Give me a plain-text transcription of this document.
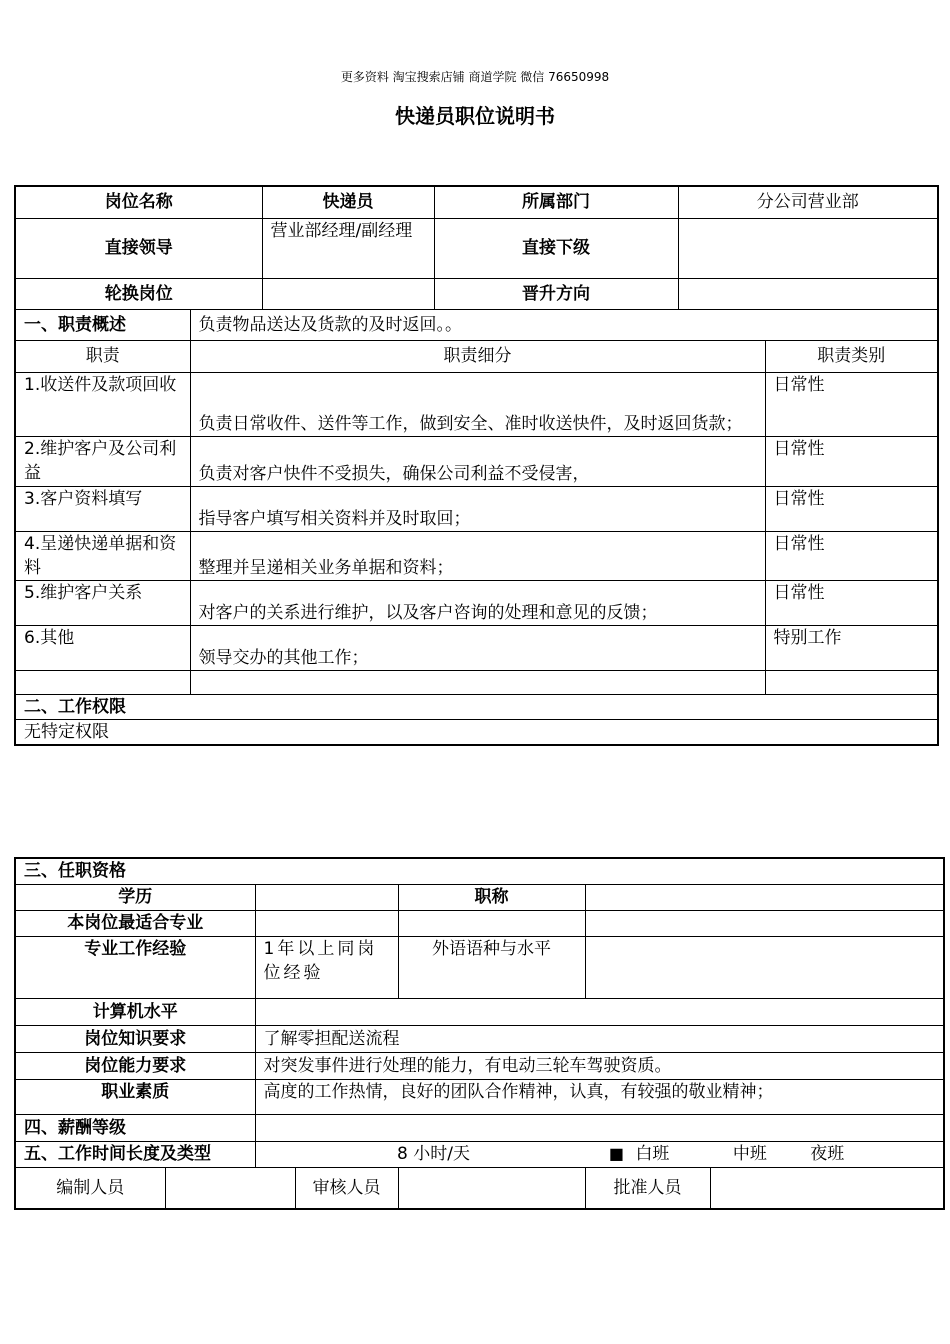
更多资料 淘宝搜索店铺 商道学院 微信 76650998
快递员职位说明书
岗位名称		快递员	所属部门	分公司营业部	
直接领导		营业部经理/副经理	直接下级		
轮换岗位			晋升方向		
一、职责概述	负责物品送达及货款的及时返回。。				
职责	职责细分				职责类别
1.收送件及款项回收	负责日常收件、送件等工作，做到安全、准时收送快件，及时返回货款；				日常性
2.维护客户及公司利益	负责对客户快件不受损失，确保公司利益不受侵害，				日常性
3.客户资料填写	指导客户填写相关资料并及时取回；				日常性
4.呈递快递单据和资料	整理并呈递相关业务单据和资料；				日常性
5.维护客户关系	对客户的关系进行维护，以及客户咨询的处理和意见的反馈；				日常性
6.其他	领导交办的其他工作；				特别工作

二、工作权限					
无特定权限					
三、任职资格						
学历				职称		
本岗位最适合专业						
专业工作经验		1年以上同岗位经验		外语语种与水平		
计算机水平						
岗位知识要求		了解零担配送流程				
岗位能力要求		对突发事件进行处理的能力，有电动三轮车驾驶资质。				
职业素质		高度的工作热情，良好的团队合作精神，认真，有较强的敬业精神；				
四、薪酬等级						
五、工作时间长度及类型		8 小时/天 ■ 白班 中班 夜班				
编制人员			审核人员		批准人员	
